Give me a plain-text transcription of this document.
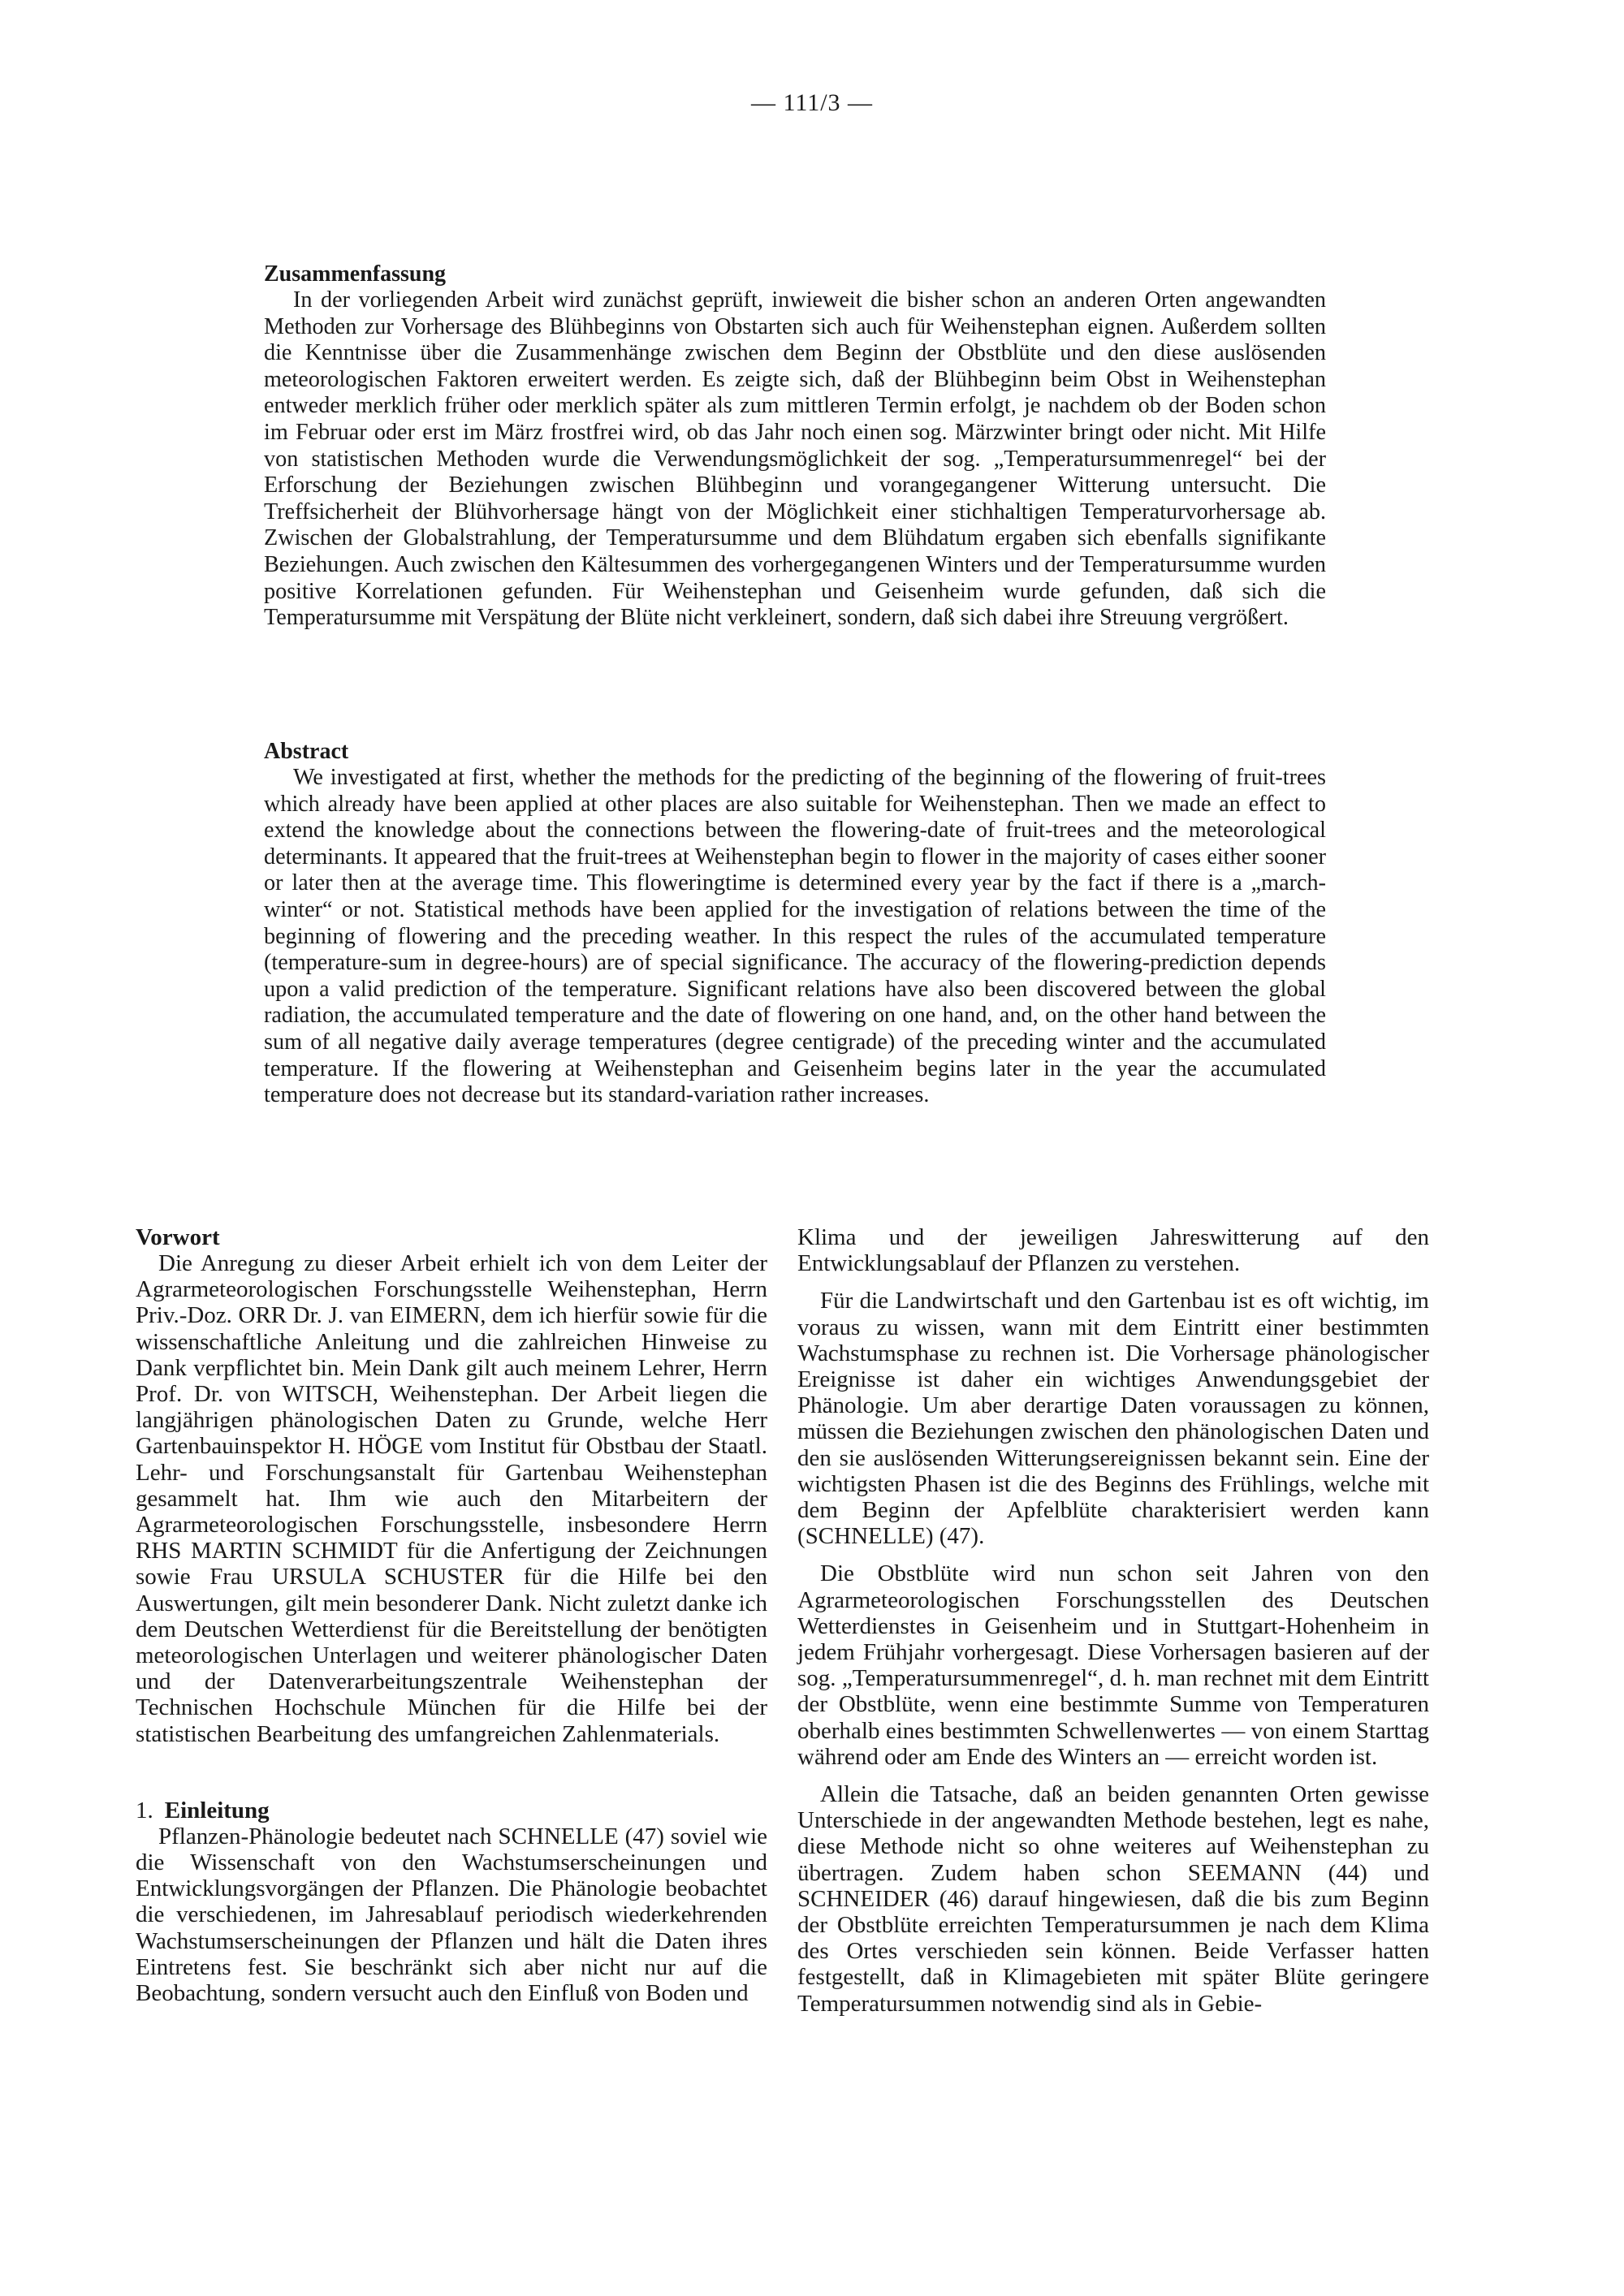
— 111/3 —
Zusammenfassung

In der vorliegenden Arbeit wird zunächst geprüft, inwieweit die bisher schon an anderen Orten angewandten Methoden zur Vorhersage des Blühbeginns von Obstarten sich auch für Weihenstephan eignen. Außerdem sollten die Kenntnisse über die Zusammenhänge zwischen dem Beginn der Obstblüte und den diese auslösenden meteorologischen Faktoren erweitert werden. Es zeigte sich, daß der Blühbeginn beim Obst in Weihenstephan entweder merklich früher oder merklich später als zum mittleren Termin erfolgt, je nachdem ob der Boden schon im Februar oder erst im März frostfrei wird, ob das Jahr noch einen sog. Märzwinter bringt oder nicht. Mit Hilfe von statistischen Methoden wurde die Verwendungsmöglichkeit der sog. „Temperatursummenregel“ bei der Erforschung der Beziehungen zwischen Blühbeginn und vorangegangener Witterung untersucht. Die Treffsicherheit der Blühvorhersage hängt von der Möglichkeit einer stichhaltigen Temperaturvorhersage ab. Zwischen der Globalstrahlung, der Temperatursumme und dem Blühdatum ergaben sich ebenfalls signifikante Beziehungen. Auch zwischen den Kältesummen des vorhergegangenen Winters und der Temperatursumme wurden positive Korrelationen gefunden. Für Weihenstephan und Geisenheim wurde gefunden, daß sich die Temperatursumme mit Verspätung der Blüte nicht verkleinert, sondern, daß sich dabei ihre Streuung vergrößert.

Abstract

We investigated at first, whether the methods for the predicting of the beginning of the flowering of fruit-trees which already have been applied at other places are also suitable for Weihenstephan. Then we made an effect to extend the knowledge about the connections between the flowering-date of fruit-trees and the meteorological determinants. It appeared that the fruit-trees at Weihenstephan begin to flower in the majority of cases either sooner or later then at the average time. This floweringtime is determined every year by the fact if there is a „march-winter“ or not. Statistical methods have been applied for the investigation of relations between the time of the beginning of flowering and the preceding weather. In this respect the rules of the accumulated temperature (temperature-sum in degree-hours) are of special significance. The accuracy of the flowering-prediction depends upon a valid prediction of the temperature. Significant relations have also been discovered between the global radiation, the accumulated temperature and the date of flowering on one hand, and, on the other hand between the sum of all negative daily average temperatures (degree centigrade) of the preceding winter and the accumulated temperature. If the flowering at Weihenstephan and Geisenheim begins later in the year the accumulated temperature does not decrease but its standard-variation rather increases.

Vorwort

Die Anregung zu dieser Arbeit erhielt ich von dem Leiter der Agrarmeteorologischen Forschungsstelle Weihenstephan, Herrn Priv.-Doz. ORR Dr. J. van EIMERN, dem ich hierfür sowie für die wissenschaftliche Anleitung und die zahlreichen Hinweise zu Dank verpflichtet bin. Mein Dank gilt auch meinem Lehrer, Herrn Prof. Dr. von WITSCH, Weihenstephan. Der Arbeit liegen die langjährigen phänologischen Daten zu Grunde, welche Herr Gartenbauinspektor H. HÖGE vom Institut für Obstbau der Staatl. Lehr- und Forschungsanstalt für Gartenbau Weihenstephan gesammelt hat. Ihm wie auch den Mitarbeitern der Agrarmeteorologischen Forschungsstelle, insbesondere Herrn RHS MARTIN SCHMIDT für die Anfertigung der Zeichnungen sowie Frau URSULA SCHUSTER für die Hilfe bei den Auswertungen, gilt mein besonderer Dank. Nicht zuletzt danke ich dem Deutschen Wetterdienst für die Bereitstellung der benötigten meteorologischen Unterlagen und weiterer phänologischer Daten und der Datenverarbeitungszentrale Weihenstephan der Technischen Hochschule München für die Hilfe bei der statistischen Bearbeitung des umfangreichen Zahlenmaterials.

1. Einleitung

Pflanzen-Phänologie bedeutet nach SCHNELLE (47) soviel wie die Wissenschaft von den Wachstumserscheinungen und Entwicklungsvorgängen der Pflanzen. Die Phänologie beobachtet die verschiedenen, im Jahresablauf periodisch wiederkehrenden Wachstumserscheinungen der Pflanzen und hält die Daten ihres Eintretens fest. Sie beschränkt sich aber nicht nur auf die Beobachtung, sondern versucht auch den Einfluß von Boden und

Klima und der jeweiligen Jahreswitterung auf den Entwicklungsablauf der Pflanzen zu verstehen.

Für die Landwirtschaft und den Gartenbau ist es oft wichtig, im voraus zu wissen, wann mit dem Eintritt einer bestimmten Wachstumsphase zu rechnen ist. Die Vorhersage phänologischer Ereignisse ist daher ein wichtiges Anwendungsgebiet der Phänologie. Um aber derartige Daten voraussagen zu können, müssen die Beziehungen zwischen den phänologischen Daten und den sie auslösenden Witterungsereignissen bekannt sein. Eine der wichtigsten Phasen ist die des Beginns des Frühlings, welche mit dem Beginn der Apfelblüte charakterisiert werden kann (SCHNELLE) (47).

Die Obstblüte wird nun schon seit Jahren von den Agrarmeteorologischen Forschungsstellen des Deutschen Wetterdienstes in Geisenheim und in Stuttgart-Hohenheim in jedem Frühjahr vorhergesagt. Diese Vorhersagen basieren auf der sog. „Temperatursummenregel“, d. h. man rechnet mit dem Eintritt der Obstblüte, wenn eine bestimmte Summe von Temperaturen oberhalb eines bestimmten Schwellenwertes — von einem Starttag während oder am Ende des Winters an — erreicht worden ist.

Allein die Tatsache, daß an beiden genannten Orten gewisse Unterschiede in der angewandten Methode bestehen, legt es nahe, diese Methode nicht so ohne weiteres auf Weihenstephan zu übertragen. Zudem haben schon SEEMANN (44) und SCHNEIDER (46) darauf hingewiesen, daß die bis zum Beginn der Obstblüte erreichten Temperatursummen je nach dem Klima des Ortes verschieden sein können. Beide Verfasser hatten festgestellt, daß in Klimagebieten mit später Blüte geringere Temperatursummen notwendig sind als in Gebie-
